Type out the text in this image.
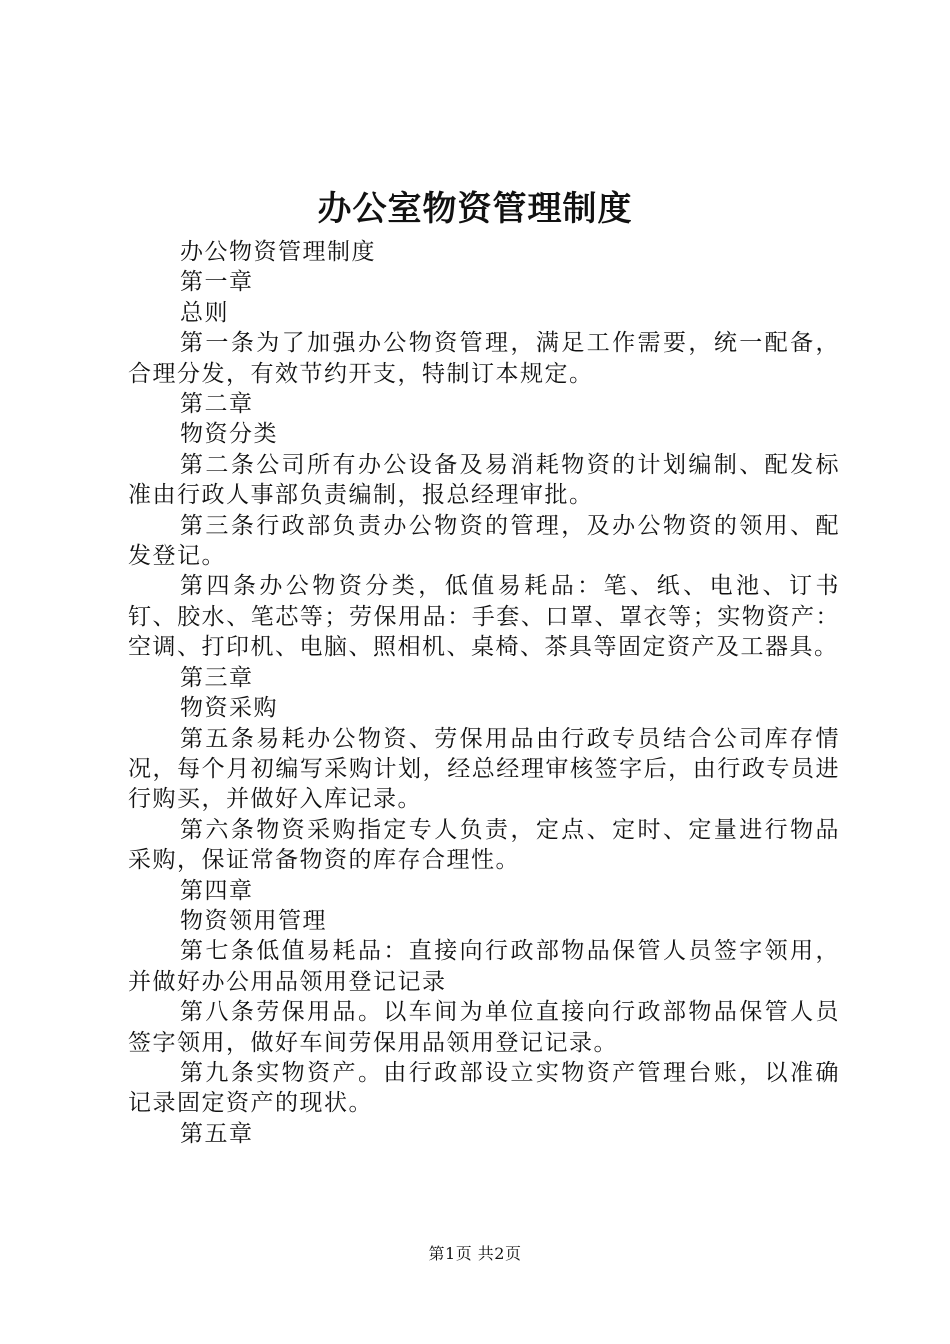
办公室物资管理制度

办公物资管理制度

第一章

总则

第一条为了加强办公物资管理，满足工作需要，统一配备，合理分发，有效节约开支，特制订本规定。

第二章

物资分类

第二条公司所有办公设备及易消耗物资的计划编制、配发标准由行政人事部负责编制，报总经理审批。

第三条行政部负责办公物资的管理，及办公物资的领用、配发登记。

第四条办公物资分类，低值易耗品：笔、纸、电池、订书钉、胶水、笔芯等；劳保用品：手套、口罩、罩衣等；实物资产：空调、打印机、电脑、照相机、桌椅、茶具等固定资产及工器具。

第三章

物资采购

第五条易耗办公物资、劳保用品由行政专员结合公司库存情况，每个月初编写采购计划，经总经理审核签字后，由行政专员进行购买，并做好入库记录。

第六条物资采购指定专人负责，定点、定时、定量进行物品采购，保证常备物资的库存合理性。

第四章

物资领用管理

第七条低值易耗品：直接向行政部物品保管人员签字领用，并做好办公用品领用登记记录

第八条劳保用品。以车间为单位直接向行政部物品保管人员签字领用，做好车间劳保用品领用登记记录。

第九条实物资产。由行政部设立实物资产管理台账，以准确记录固定资产的现状。

第五章

第1页 共2页
